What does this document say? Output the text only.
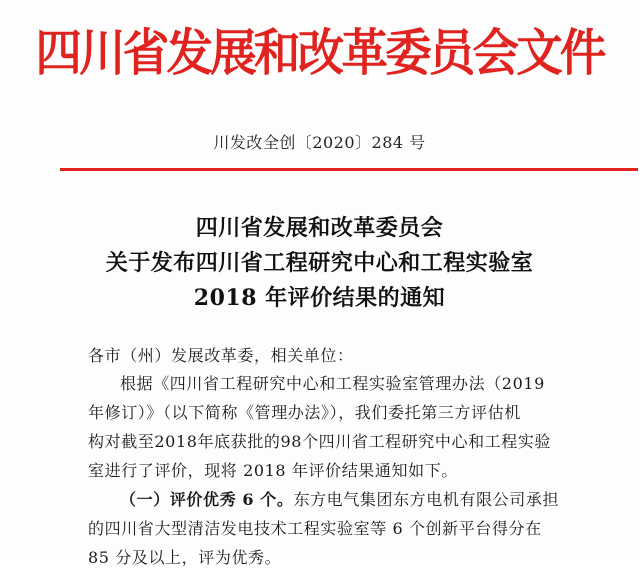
四川省发展和改革委员会文件
川发改全创〔2020〕284 号
四川省发展和改革委员会
关于发布四川省工程研究中心和工程实验室
2018 年评价结果的通知
各市（州）发展改革委，相关单位：
根据《四川省工程研究中心和工程实验室管理办法（2019
年修订）》（以下简称《管理办法》），我们委托第三方评估机
构对截至2018年底获批的98个四川省工程研究中心和工程实验
室进行了评价，现将 2018 年评价结果通知如下。
（一）评价优秀 6 个。东方电气集团东方电机有限公司承担
的四川省大型清洁发电技术工程实验室等 6 个创新平台得分在
85 分及以上，评为优秀。
